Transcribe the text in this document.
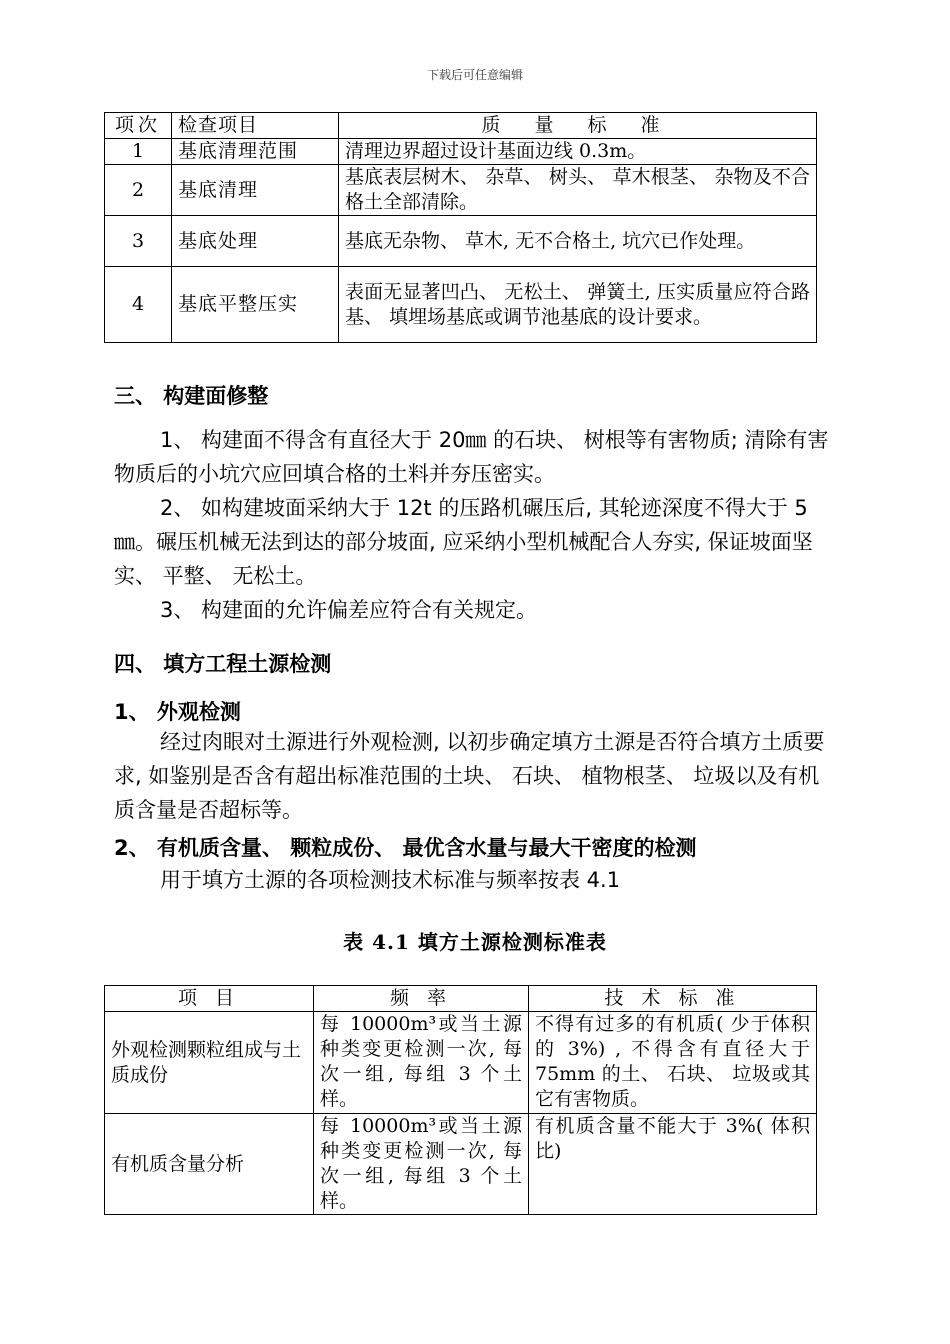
下载后可任意编辑
项次	检查项目	质 量 标 准
1	基底清理范围	清理边界超过设计基面边线 0.3m。
2	基底清理	基底表层树木、 杂草、 树头、 草木根茎、 杂物及不合格土全部清除。
3	基底处理	基底无杂物、 草木, 无不合格土, 坑穴已作处理。
4	基底平整压实	表面无显著凹凸、 无松土、 弹簧土, 压实质量应符合路基、 填埋场基底或调节池基底的设计要求。
三、 构建面修整
1、 构建面不得含有直径大于 20㎜ 的石块、 树根等有害物质; 清除有害物质后的小坑穴应回填合格的土料并夯压密实。
2、 如构建坡面采纳大于 12t 的压路机碾压后, 其轮迹深度不得大于 5㎜。碾压机械无法到达的部分坡面, 应采纳小型机械配合人夯实, 保证坡面坚实、 平整、 无松土。
3、 构建面的允许偏差应符合有关规定。
四、 填方工程土源检测
1、 外观检测
经过肉眼对土源进行外观检测, 以初步确定填方土源是否符合填方土质要求, 如鉴别是否含有超出标准范围的土块、 石块、 植物根茎、 垃圾以及有机质含量是否超标等。
2、 有机质含量、 颗粒成份、 最优含水量与最大干密度的检测
用于填方土源的各项检测技术标准与频率按表 4.1
表 4.1 填方土源检测标准表
项 目	频 率	技 术 标 准
外观检测颗粒组成与土质成份	每 10000m³或当土源种类变更检测一次, 每次一组, 每组 3 个土样。	不得有过多的有机质( 少于体积的 3%) , 不得含有直径大于 75mm 的土、 石块、 垃圾或其它有害物质。
有机质含量分析	每 10000m³或当土源种类变更检测一次, 每次一组, 每组 3 个土样。	有机质含量不能大于 3%( 体积比)
